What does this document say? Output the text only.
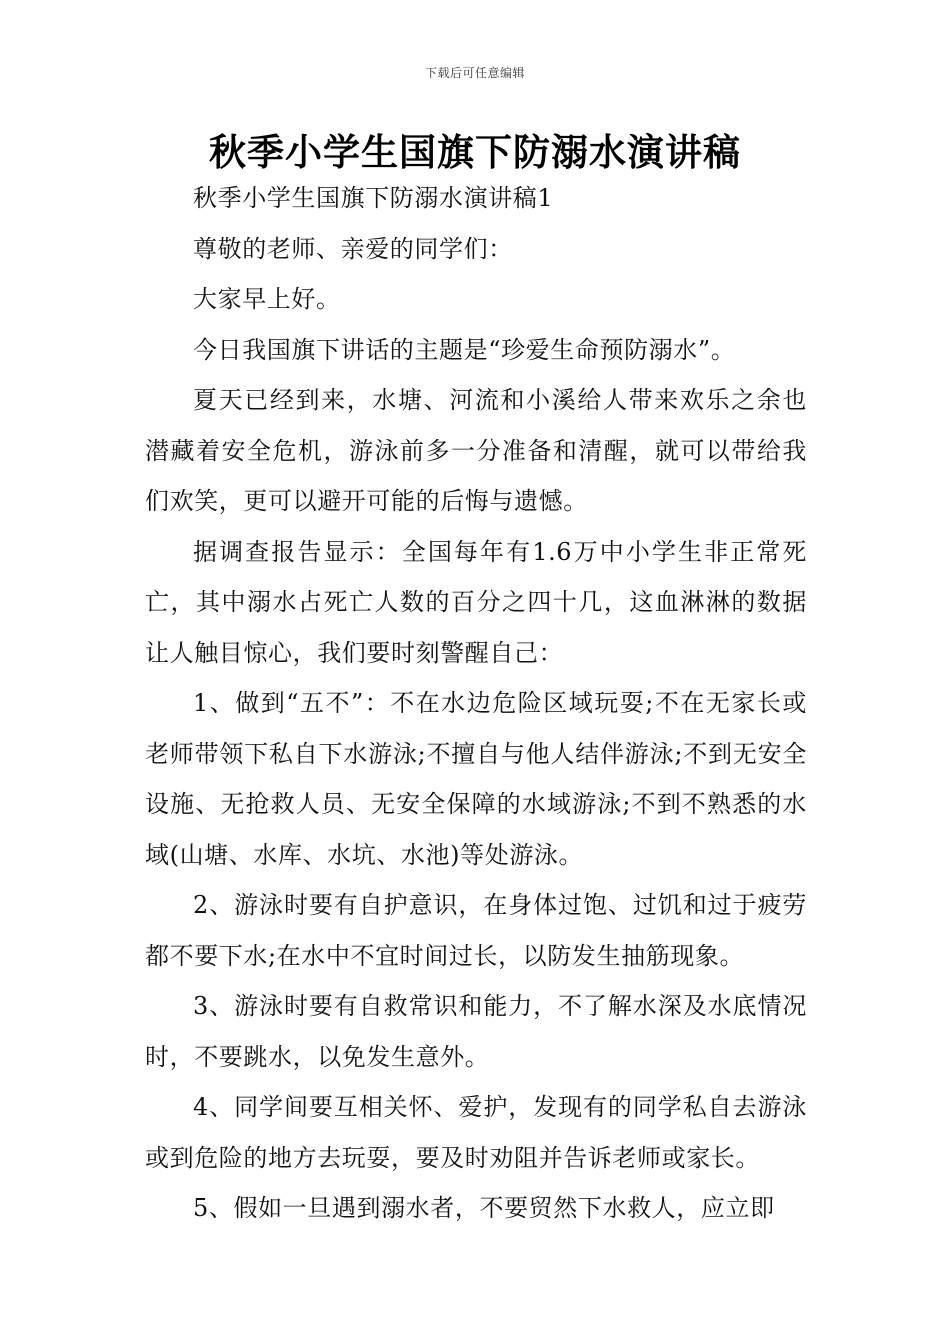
下载后可任意编辑
秋季小学生国旗下防溺水演讲稿

秋季小学生国旗下防溺水演讲稿1

尊敬的老师、亲爱的同学们：

大家早上好。

今日我国旗下讲话的主题是“珍爱生命预防溺水”。

夏天已经到来，水塘、河流和小溪给人带来欢乐之余也潜藏着安全危机，游泳前多一分准备和清醒，就可以带给我们欢笑，更可以避开可能的后悔与遗憾。

据调查报告显示：全国每年有1.6万中小学生非正常死亡，其中溺水占死亡人数的百分之四十几，这血淋淋的数据让人触目惊心，我们要时刻警醒自己：

1、做到“五不”：不在水边危险区域玩耍;不在无家长或老师带领下私自下水游泳;不擅自与他人结伴游泳;不到无安全设施、无抢救人员、无安全保障的水域游泳;不到不熟悉的水域(山塘、水库、水坑、水池)等处游泳。

2、游泳时要有自护意识，在身体过饱、过饥和过于疲劳都不要下水;在水中不宜时间过长，以防发生抽筋现象。

3、游泳时要有自救常识和能力，不了解水深及水底情况时，不要跳水，以免发生意外。

4、同学间要互相关怀、爱护，发现有的同学私自去游泳或到危险的地方去玩耍，要及时劝阻并告诉老师或家长。

5、假如一旦遇到溺水者，不要贸然下水救人，应立即
